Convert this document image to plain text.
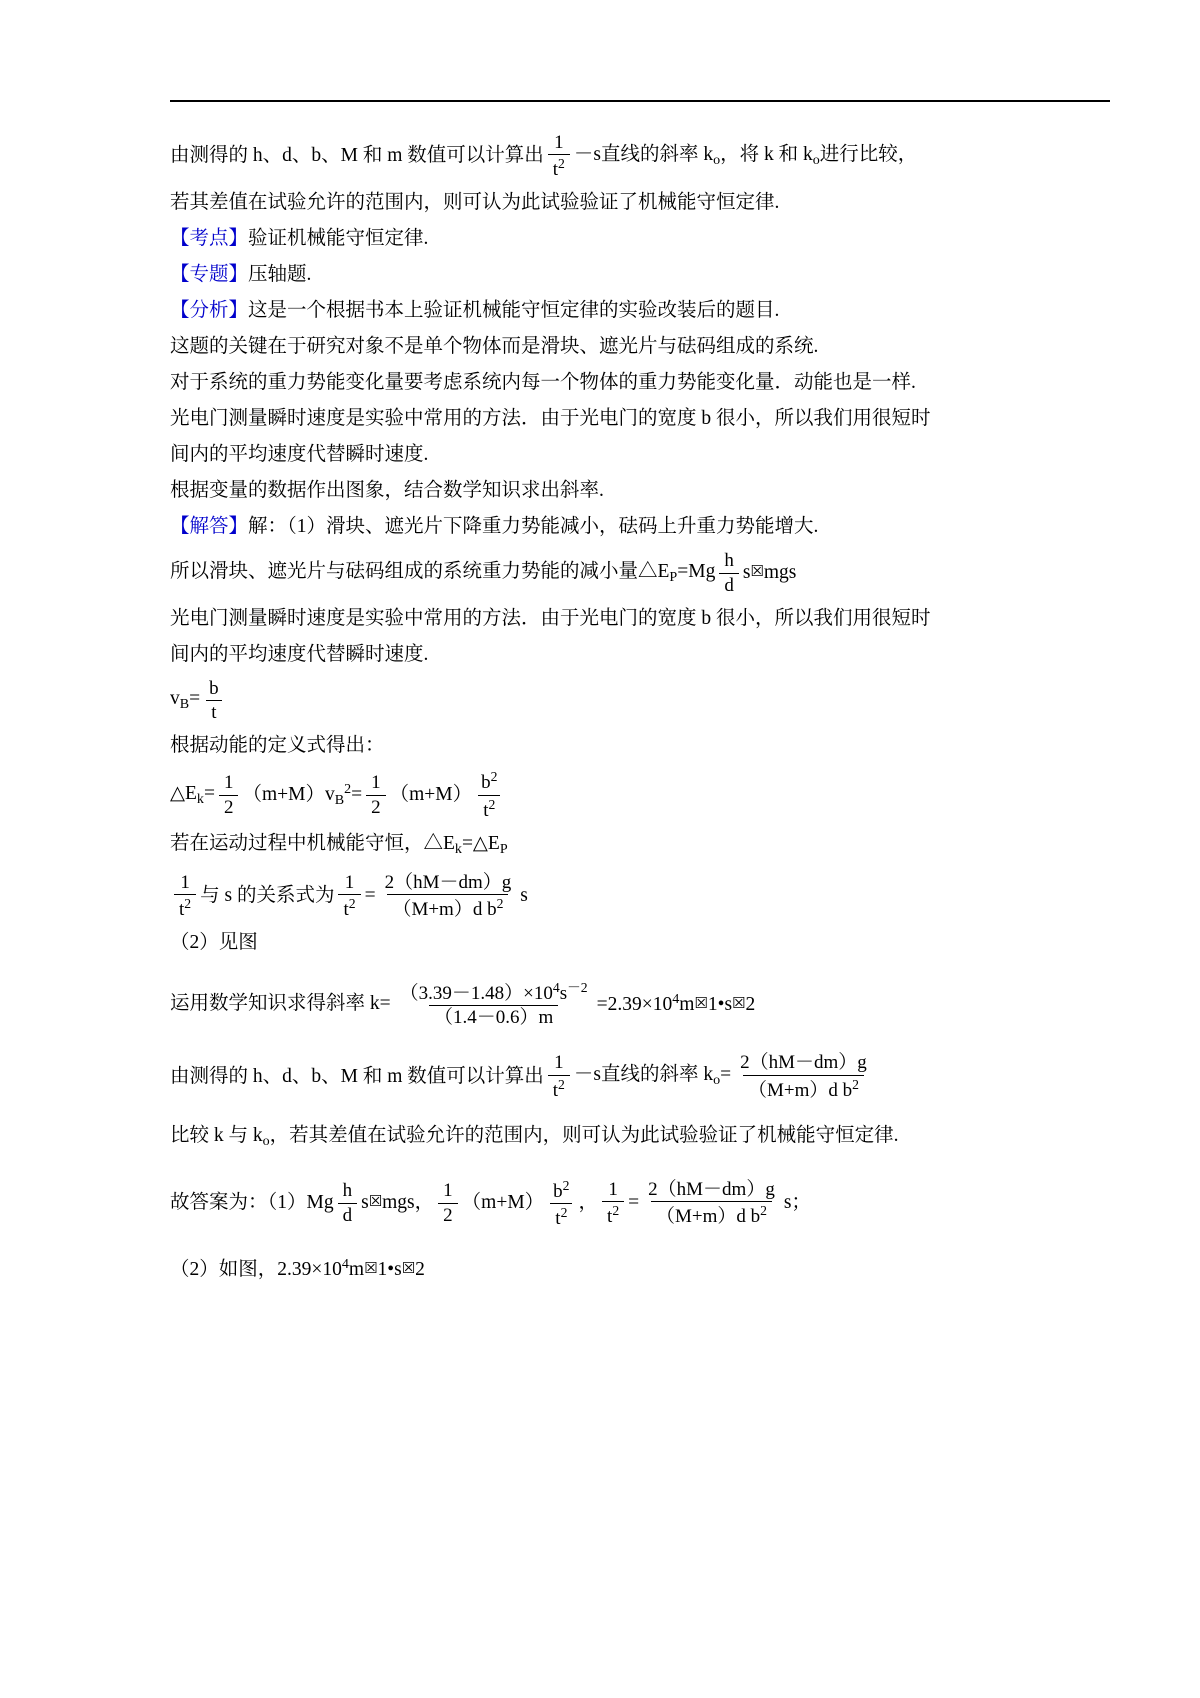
由测得的 h、d、b、M 和 m 数值可以计算出 $\frac{1}{t^2} -s$直线的斜率 $k_o$，将 k 和 $k_o$进行比较，
若其差值在试验允许的范围内，则可认为此试验验证了机械能守恒定律.
【考点】验证机械能守恒定律.
【专题】压轴题.
【分析】这是一个根据书本上验证机械能守恒定律的实验改装后的题目.
这题的关键在于研究对象不是单个物体而是滑块、遮光片与砝码组成的系统.
对于系统的重力势能变化量要考虑系统内每一个物体的重力势能变化量．动能也是一样.
光电门测量瞬时速度是实验中常用的方法．由于光电门的宽度 b 很小，所以我们用很短时
间内的平均速度代替瞬时速度.
根据变量的数据作出图象，结合数学知识求出斜率.
【解答】解：（1）滑块、遮光片下降重力势能减小，砝码上升重力势能增大.
所以滑块、遮光片与砝码组成的系统重力势能的减小量$\triangle E_P=Mg \frac{h}{d}$ s☒mgs
光电门测量瞬时速度是实验中常用的方法．由于光电门的宽度 b 很小，所以我们用很短时
间内的平均速度代替瞬时速度.
$v_B= \frac{b}{t}$
根据动能的定义式得出：
$\triangle E_k= \frac{1}{2} (m+M)v_B^2= \frac{1}{2} (m+M) \frac{b^2}{t^2}$
若在运动过程中机械能守恒，$\triangle E_k=\triangle E_P$
$\frac{1}{t^2}$ 与 s 的关系式为 $\frac{1}{t^2} = \frac{2(hM-dm)g}{(M+m)d b^2}$ s
（2）见图
运用数学知识求得斜率 $k= \frac{(3.39-1.48)\times 10^4s^{-2}}{(1.4-0.6)m}$ $=2.39\times 10^4m☒1•s☒2$
由测得的 h、d、b、M 和 m 数值可以计算出 $\frac{1}{t^2} -s$直线的斜率 $k_o= \frac{2(hM-dm)g}{(M+m)d b^2}$
比较 k 与 $k_o$，若其差值在试验允许的范围内，则可认为此试验验证了机械能守恒定律.
故答案为：$(1)Mg \frac{h}{d}$ s☒mgs， $\frac{1}{2} (m+M) \frac{b^2}{t^2}$ ， $\frac{1}{t^2} = \frac{2(hM-dm)g}{(M+m)d b^2}$ s；
（2）如图，$2.39\times 10^4m☒1•s☒2$
